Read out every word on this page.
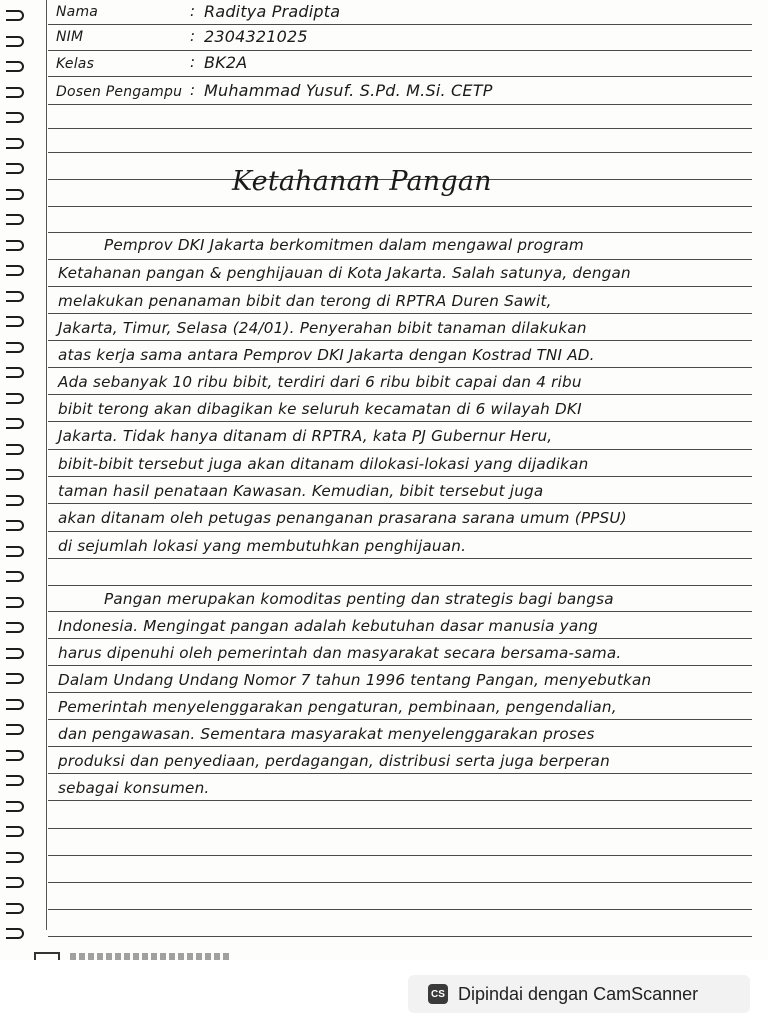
Nama	: Raditya Pradipta
NIM	: 2304321025
Kelas	: BK2A
Dosen Pengampu : Muhammad Yusuf. S.Pd. M.Si. CETP
Ketahanan Pangan
Pemprov DKI Jakarta berkomitmen dalam mengawal program
Ketahanan pangan & penghijauan di Kota Jakarta. Salah satunya, dengan
melakukan penanaman bibit dan terong di RPTRA Duren Sawit,
Jakarta, Timur, Selasa (24/01). Penyerahan bibit tanaman dilakukan
atas kerja sama antara Pemprov DKI Jakarta dengan Kostrad TNI AD.
Ada sebanyak 10 ribu bibit, terdiri dari 6 ribu bibit capai dan 4 ribu
bibit terong akan dibagikan ke seluruh kecamatan di 6 wilayah DKI
Jakarta. Tidak hanya ditanam di RPTRA, kata PJ Gubernur Heru,
bibit-bibit tersebut juga akan ditanam dilokasi-lokasi yang dijadikan
taman hasil penataan Kawasan. Kemudian, bibit tersebut juga
akan ditanam oleh petugas penanganan prasarana sarana umum (PPSU)
di sejumlah lokasi yang membutuhkan penghijauan.
Pangan merupakan komoditas penting dan strategis bagi bangsa
Indonesia. Mengingat pangan adalah kebutuhan dasar manusia yang
harus dipenuhi oleh pemerintah dan masyarakat secara bersama-sama.
Dalam Undang Undang Nomor 7 tahun 1996 tentang Pangan, menyebutkan
Pemerintah menyelenggarakan pengaturan, pembinaan, pengendalian,
dan pengawasan. Sementara masyarakat menyelenggarakan proses
produksi dan penyediaan, perdagangan, distribusi serta juga berperan
sebagai konsumen.
CS Dipindai dengan CamScanner
